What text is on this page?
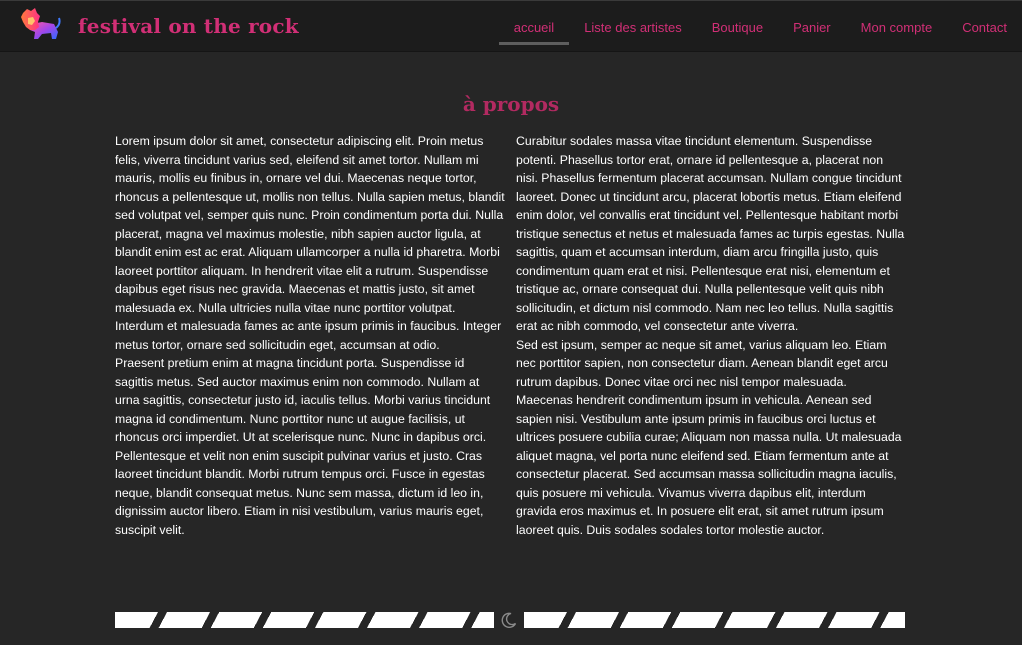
festival on the rock	accueil	Liste des artistes	Boutique	Panier	Mon compte	Contact
à propos

Lorem ipsum dolor sit amet, consectetur adipiscing elit. Proin metus felis, viverra tincidunt varius sed, eleifend sit amet tortor. Nullam mi mauris, mollis eu finibus in, ornare vel dui. Maecenas neque tortor, rhoncus a pellentesque ut, mollis non tellus. Nulla sapien metus, blandit sed volutpat vel, semper quis nunc. Proin condimentum porta dui. Nulla placerat, magna vel maximus molestie, nibh sapien auctor ligula, at blandit enim est ac erat. Aliquam ullamcorper a nulla id pharetra. Morbi laoreet porttitor aliquam. In hendrerit vitae elit a rutrum. Suspendisse dapibus eget risus nec gravida. Maecenas et mattis justo, sit amet malesuada ex. Nulla ultricies nulla vitae nunc porttitor volutpat. Interdum et malesuada fames ac ante ipsum primis in faucibus. Integer metus tortor, ornare sed sollicitudin eget, accumsan at odio.

Praesent pretium enim at magna tincidunt porta. Suspendisse id sagittis metus. Sed auctor maximus enim non commodo. Nullam at urna sagittis, consectetur justo id, iaculis tellus. Morbi varius tincidunt magna id condimentum. Nunc porttitor nunc ut augue facilisis, ut rhoncus orci imperdiet. Ut at scelerisque nunc. Nunc in dapibus orci. Pellentesque et velit non enim suscipit pulvinar varius et justo. Cras laoreet tincidunt blandit. Morbi rutrum tempus orci. Fusce in egestas neque, blandit consequat metus. Nunc sem massa, dictum id leo in, dignissim auctor libero. Etiam in nisi vestibulum, varius mauris eget, suscipit velit.

Curabitur sodales massa vitae tincidunt elementum. Suspendisse potenti. Phasellus tortor erat, ornare id pellentesque a, placerat non nisi. Phasellus fermentum placerat accumsan. Nullam congue tincidunt laoreet. Donec ut tincidunt arcu, placerat lobortis metus. Etiam eleifend enim dolor, vel convallis erat tincidunt vel. Pellentesque habitant morbi tristique senectus et netus et malesuada fames ac turpis egestas. Nulla sagittis, quam et accumsan interdum, diam arcu fringilla justo, quis condimentum quam erat et nisi. Pellentesque erat nisi, elementum et tristique ac, ornare consequat dui. Nulla pellentesque velit quis nibh sollicitudin, et dictum nisl commodo. Nam nec leo tellus. Nulla sagittis erat ac nibh commodo, vel consectetur ante viverra.

Sed est ipsum, semper ac neque sit amet, varius aliquam leo. Etiam nec porttitor sapien, non consectetur diam. Aenean blandit eget arcu rutrum dapibus. Donec vitae orci nec nisl tempor malesuada. Maecenas hendrerit condimentum ipsum in vehicula. Aenean sed sapien nisi. Vestibulum ante ipsum primis in faucibus orci luctus et ultrices posuere cubilia curae; Aliquam non massa nulla. Ut malesuada aliquet magna, vel porta nunc eleifend sed. Etiam fermentum ante at consectetur placerat. Sed accumsan massa sollicitudin magna iaculis, quis posuere mi vehicula. Vivamus viverra dapibus elit, interdum gravida eros maximus et. In posuere elit erat, sit amet rutrum ipsum laoreet quis. Duis sodales sodales tortor molestie auctor.
